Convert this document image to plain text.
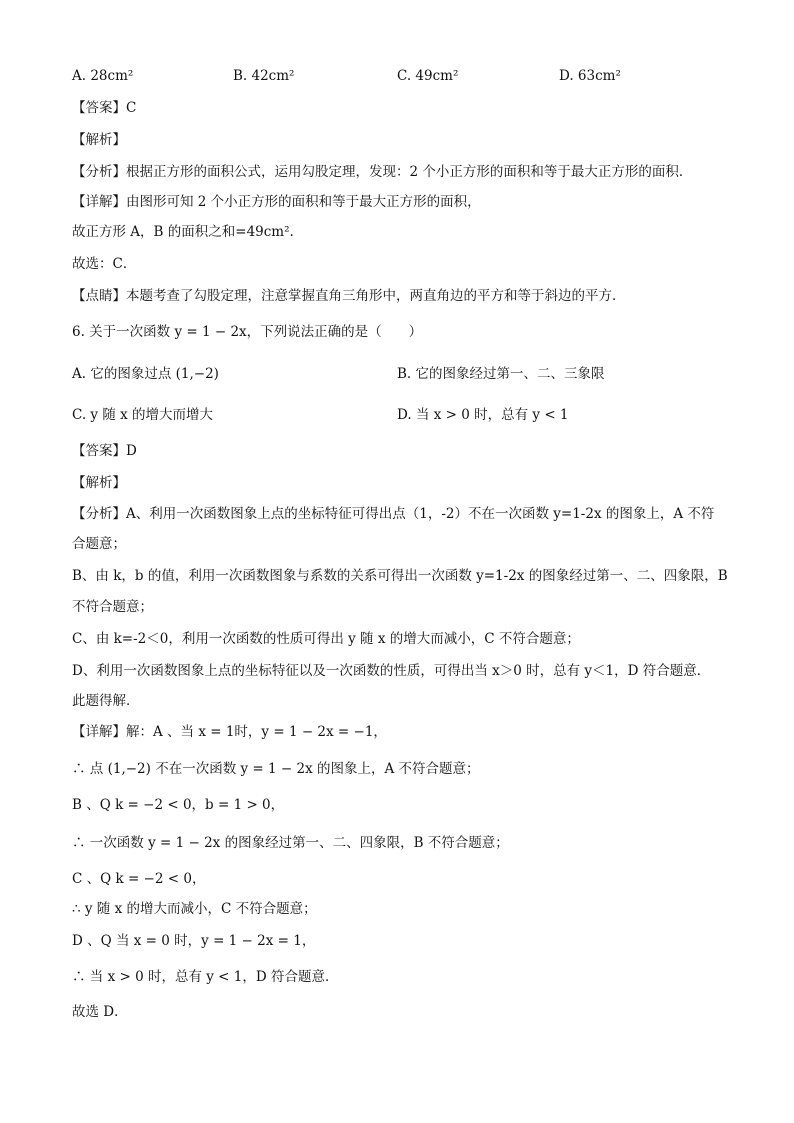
A. 28cm²	B. 42cm²	C. 49cm²	D. 63cm²
【答案】C
【解析】
【分析】根据正方形的面积公式，运用勾股定理，发现：2 个小正方形的面积和等于最大正方形的面积．
【详解】由图形可知 2 个小正方形的面积和等于最大正方形的面积，
故正方形 A，B 的面积之和=49cm².
故选：C．
【点睛】本题考查了勾股定理，注意掌握直角三角形中，两直角边的平方和等于斜边的平方．
6. 关于一次函数 y = 1 − 2x，下列说法正确的是（　　）
A. 它的图象过点 (1,−2)	B. 它的图象经过第一、二、三象限
C. y 随 x 的增大而增大	D. 当 x > 0 时，总有 y < 1
【答案】D
【解析】
【分析】A、利用一次函数图象上点的坐标特征可得出点（1，-2）不在一次函数 y=1-2x 的图象上，A 不符
合题意；
B、由 k，b 的值，利用一次函数图象与系数的关系可得出一次函数 y=1-2x 的图象经过第一、二、四象限，B
不符合题意；
C、由 k=-2＜0，利用一次函数的性质可得出 y 随 x 的增大而减小，C 不符合题意；
D、利用一次函数图象上点的坐标特征以及一次函数的性质，可得出当 x＞0 时，总有 y＜1，D 符合题意．
此题得解．
【详解】解：A 、当 x = 1时，y = 1 − 2x = −1，
∴ 点 (1,−2) 不在一次函数 y = 1 − 2x 的图象上，A 不符合题意；
B 、Q k = −2 < 0，b = 1 > 0，
∴ 一次函数 y = 1 − 2x 的图象经过第一、二、四象限，B 不符合题意；
C 、Q k = −2 < 0，
∴ y 随 x 的增大而减小，C 不符合题意；
D 、Q 当 x = 0 时，y = 1 − 2x = 1，
∴ 当 x > 0 时，总有 y < 1，D 符合题意．
故选 D．
